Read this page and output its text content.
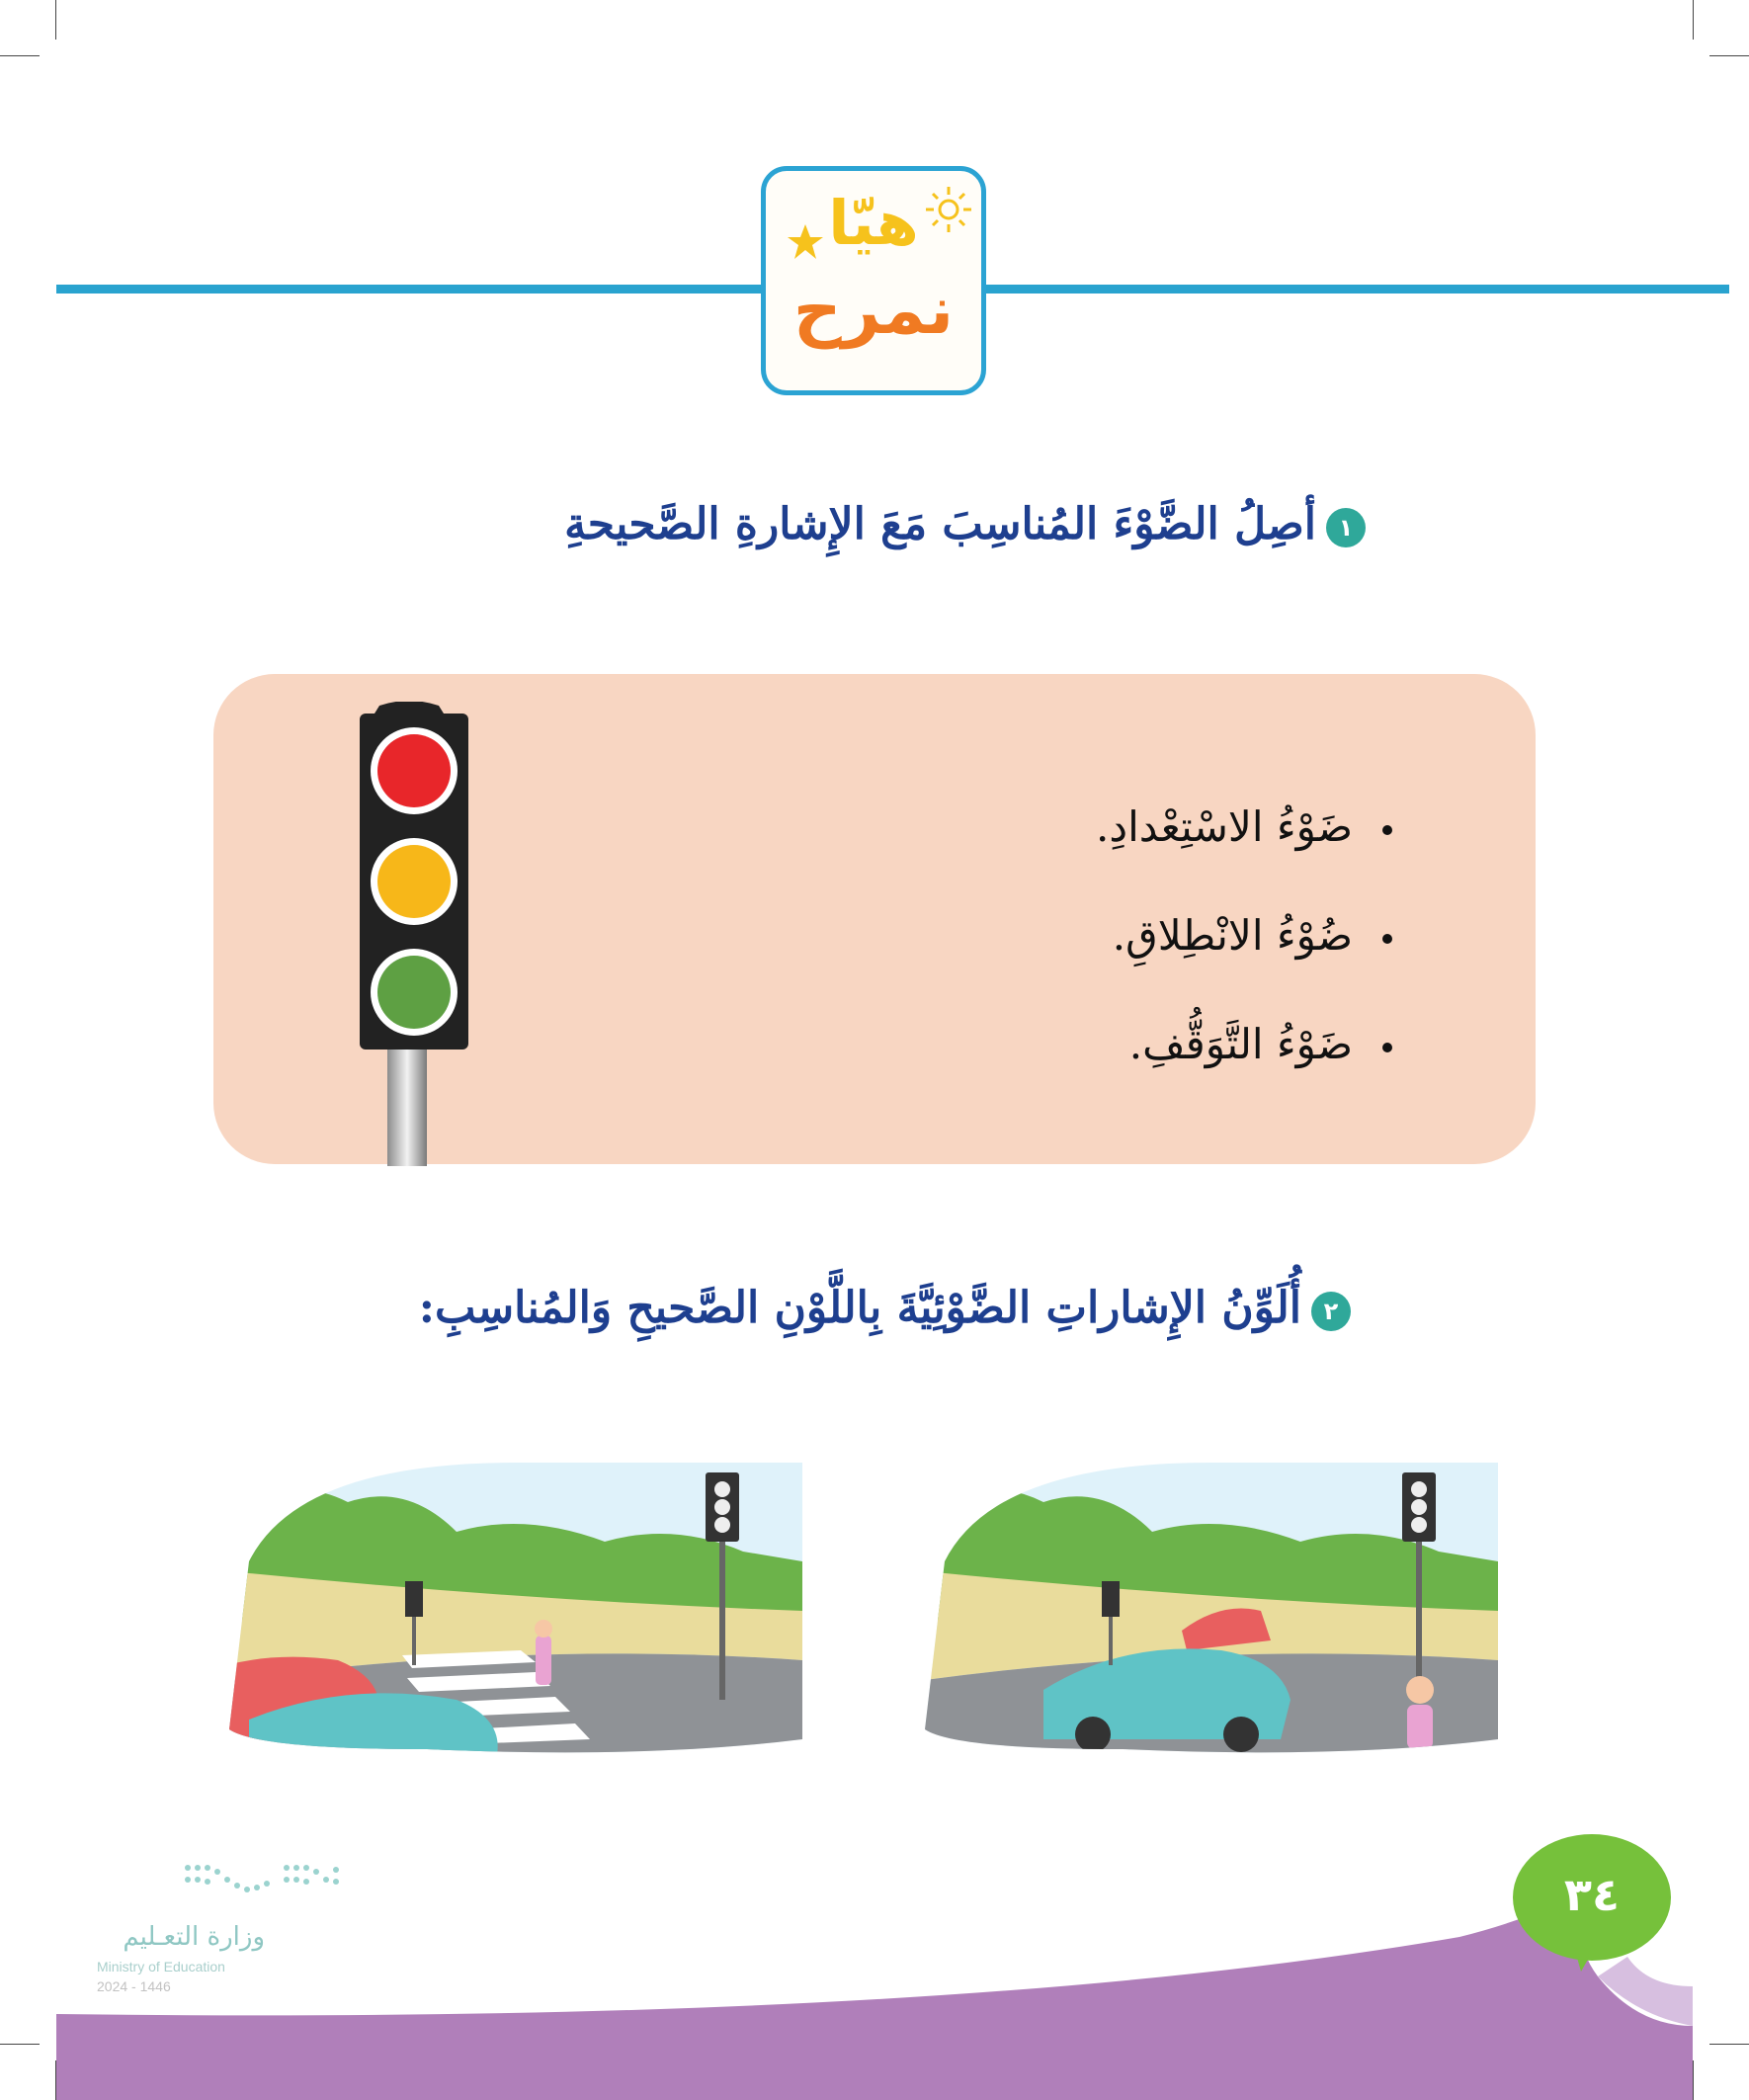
هيّا
نمرح
١أصِلُ الضَّوْءَ المُناسِبَ مَعَ الإِشارةِ الصَّحيحةِ
ضَوْءُ الاسْتِعْدادِ.
ضُوْءُ الانْطِلاقِ.
ضَوْءُ التَّوَقُّفِ.
٢أُلَوِّنُ الإِشاراتِ الضَّوْئِيَّةَ بِاللَّوْنِ الصَّحيحِ وَالمُناسِبِ:
٣٤
وزارة التعـليم
Ministry of Education
2024 - 1446
